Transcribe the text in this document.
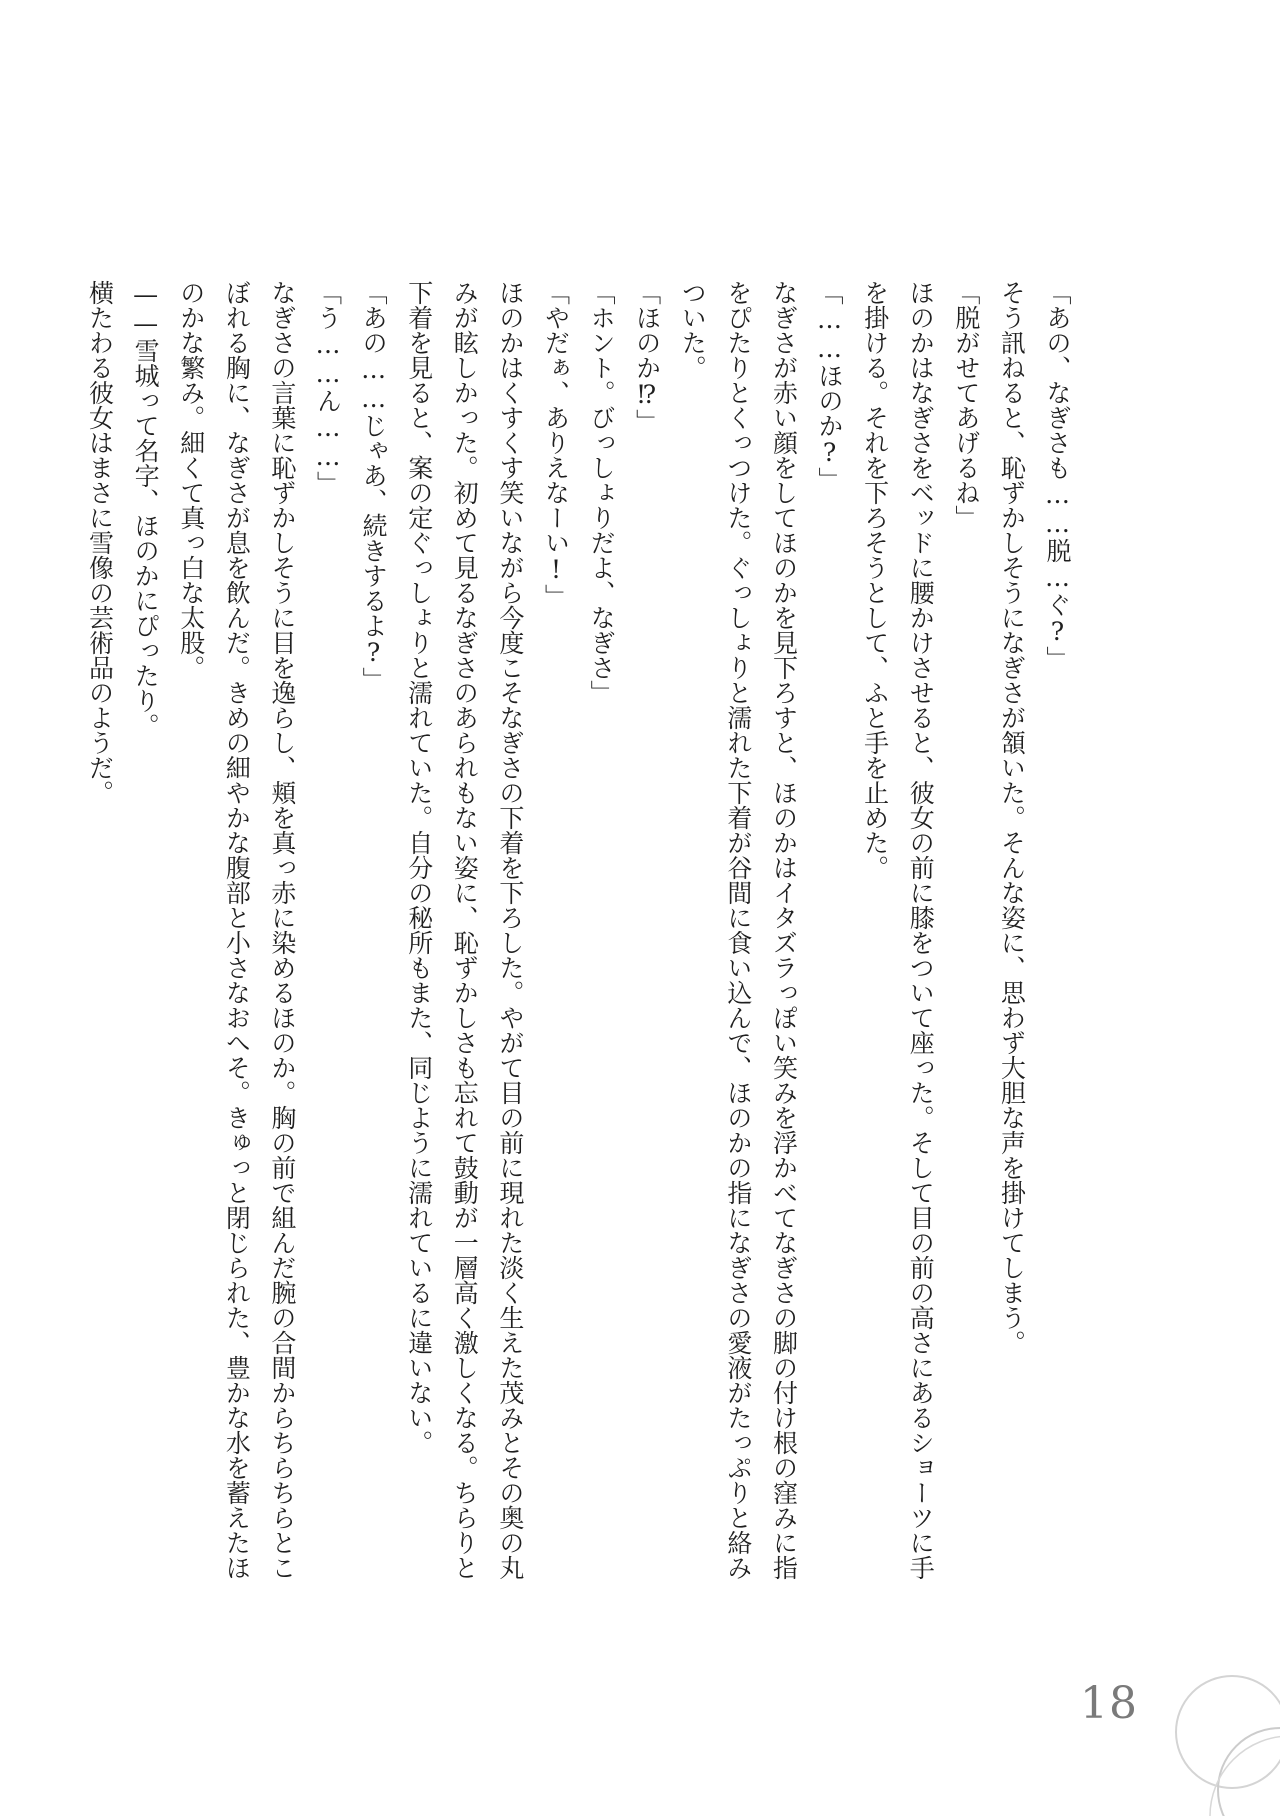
「あの、なぎさも……脱…ぐ?」

そう訊ねると、恥ずかしそうになぎさが頷いた。そんな姿に、思わず大胆な声を掛けてしまう。

「脱がせてあげるね」

ほのかはなぎさをベッドに腰かけさせると、彼女の前に膝をついて座った。そして目の前の高さにあるショーツに手を掛ける。それを下ろそうとして、ふと手を止めた。

「……ほのか?」

なぎさが赤い顔をしてほのかを見下ろすと、ほのかはイタズラっぽい笑みを浮かべてなぎさの脚の付け根の窪みに指をぴたりとくっつけた。ぐっしょりと濡れた下着が谷間に食い込んで、ほのかの指になぎさの愛液がたっぷりと絡みついた。

「ほのか⁉」

「ホント。びっしょりだよ、なぎさ」

「やだぁ、ありえなーい!」

ほのかはくすくす笑いながら今度こそなぎさの下着を下ろした。やがて目の前に現れた淡く生えた茂みとその奥の丸みが眩しかった。初めて見るなぎさのあられもない姿に、恥ずかしさも忘れて鼓動が一層高く激しくなる。ちらりと下着を見ると、案の定ぐっしょりと濡れていた。自分の秘所もまた、同じように濡れているに違いない。

「あの……じゃあ、続きするよ?」

「う……ん……」

なぎさの言葉に恥ずかしそうに目を逸らし、頬を真っ赤に染めるほのか。胸の前で組んだ腕の合間からちらちらとこぼれる胸に、なぎさが息を飲んだ。きめの細やかな腹部と小さなおへそ。きゅっと閉じられた、豊かな水を蓄えたほのかな繁み。細くて真っ白な太股。

——雪城って名字、ほのかにぴったり。

横たわる彼女はまさに雪像の芸術品のようだ。

18
